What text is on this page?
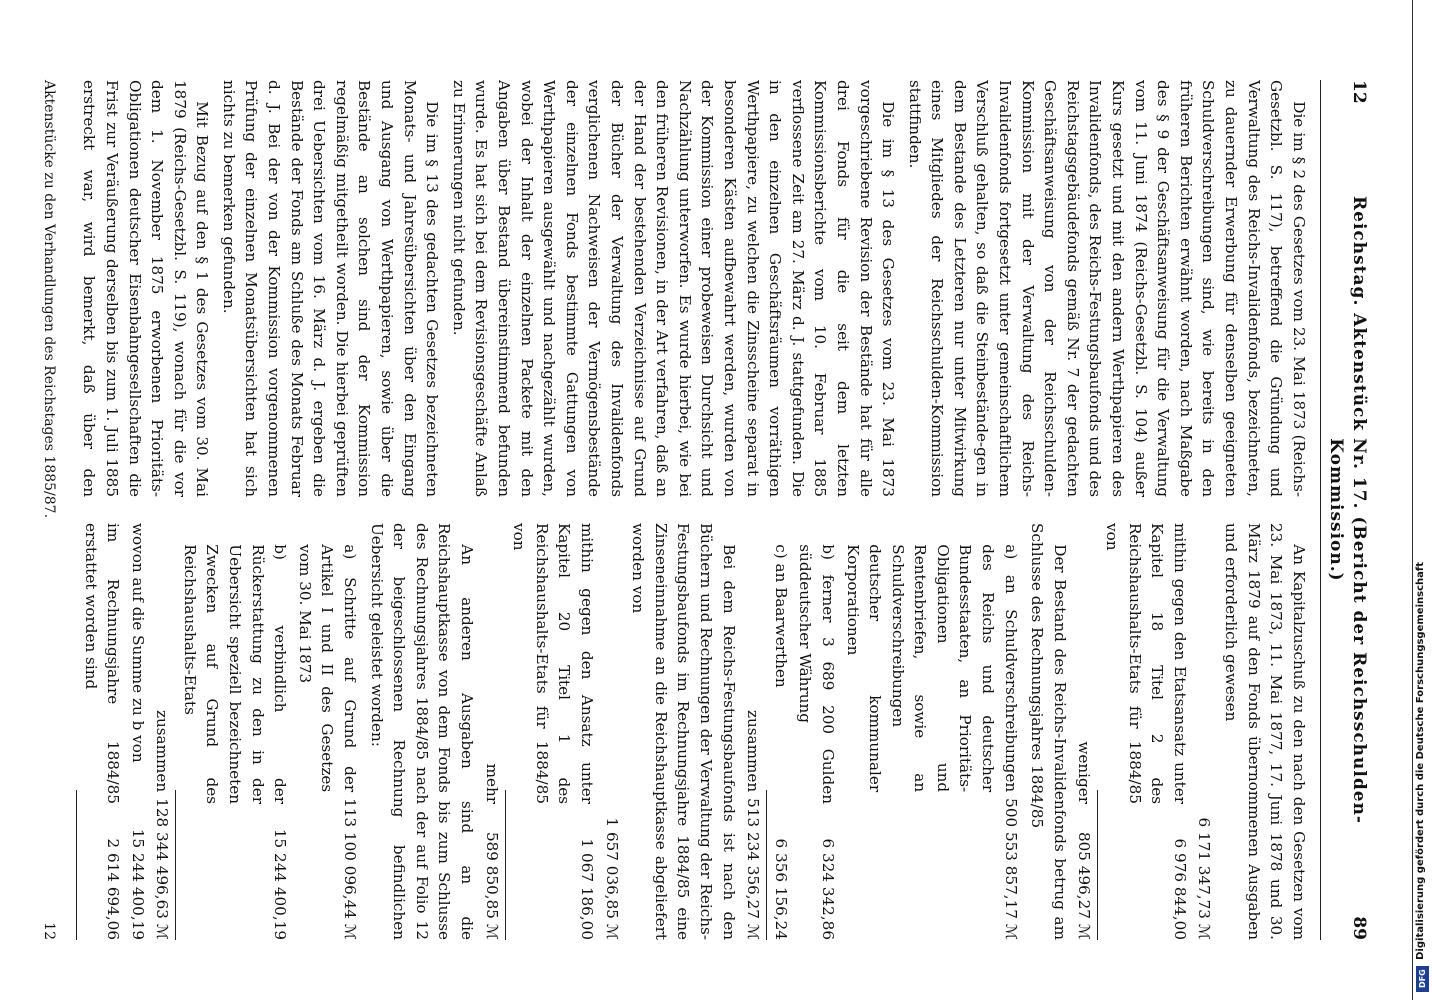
12
Reichstag. Aktenstück Nr. 17. (Bericht der Reichsschulden-Kommission.)
89

Die im § 2 des Gesetzes vom 23. Mai 1873 (Reichs-Gesetzbl. S. 117), betreffend die Gründung und Verwaltung des Reichs-Invalidenfonds, bezeichneten, zu dauernder Erwerbung für denselben geeigneten Schuldverschreibungen sind, wie bereits in den früheren Berichten erwähnt worden, nach Maßgabe des § 9 der Geschäftsanweisung für die Verwaltung vom 11. Juni 1874 (Reichs-Gesetzbl. S. 104) außer Kurs gesetzt und mit den andern Werthpapieren des Invalidenfonds, des Reichs-Festungsbaufonds und des Reichstagsgebäudefonds gemäß Nr. 7 der gedachten Geschäftsanweisung von der Reichsschulden-Kommission mit der Verwaltung des Reichs-Invalidenfonds fortgesetzt unter gemeinschaftlichem Verschluß gehalten, so daß die Steinbestände-gen in dem Bestande des Letzteren nur unter Mitwirkung eines Mitgliedes der Reichsschulden-Kommission stattfinden.

Die im § 13 des Gesetzes vom 23. Mai 1873 vorgeschriebene Revision der Bestände hat für alle drei Fonds für die seit dem letzten Kommissionsberichte vom 10. Februar 1885 verflossene Zeit am 27. März d. J. stattgefunden. Die in den einzelnen Geschäftsräumen vorräthigen Werthpapiere, zu welchen die Zinsscheine separat in besonderen Kästen aufbewahrt werden, wurden von der Kommission einer probeweisen Durchsicht und Nachzählung unterworfen. Es wurde hierbei, wie bei den früheren Revisionen, in der Art verfahren, daß an der Hand der bestehenden Verzeichnisse auf Grund der Bücher der Verwaltung des Invalidenfonds verglichenen Nachweisen der Vermögensbestände der einzelnen Fonds bestimmte Gattungen von Werthpapieren ausgewählt und nachgezählt wurden, wobei der Inhalt der einzelnen Packete mit den Angaben über Bestand übereinstimmend befunden wurde. Es hat sich bei dem Revisionsgeschäfte Anlaß zu Erinnerungen nicht gefunden.

Die im § 13 des gedachten Gesetzes bezeichneten Monats- und Jahresübersichten über den Eingang und Ausgang von Werthpapieren, sowie über die Bestände an solchen sind der Kommission regelmäßig mitgetheilt worden. Die hierbei geprüften drei Uebersichten vom 16. März d. J. ergeben die Bestände der Fonds am Schluße des Monats Februar d. J. Bei der von der Kommission vorgenommenen Prüfung der einzelnen Monatsübersichten hat sich nichts zu bemerken gefunden.

Mit Bezug auf den § 1 des Gesetzes vom 30. Mai 1879 (Reichs-Gesetzbl. S. 119), wonach für die vor dem 1. November 1875 erworbenen Prioritäts-Obligationen deutscher Eisenbahngesellschaften die Frist zur Veräußerung derselben bis zum 1. Juli 1885 erstreckt war, wird bemerkt, daß über den

An Kapitalzuschuß zu den nach den Gesetzen vom 23. Mai 1873, 11. Mai 1877, 17. Juni 1878 und 30. März 1879 auf den Fonds übernommenen Ausgaben und erforderlich gewesen

6 171 347,73 ℳ
mithin gegen den Etatsansatz unter Kapitel 18 Titel 2 des Reichshaushalts-Etats für 1884/85 von
6 976 844,00
weniger
805 496,27 ℳ

Der Bestand des Reichs-Invalidenfonds betrug am Schlusse des Rechnungsjahres 1884/85

a) an Schuldverschreibungen des Reichs und deutscher Bundesstaaten, an Prioritäts-Obligationen und Rentenbriefen, sowie an Schuldverschreibungen deutscher kommunaler Korporationen
500 553 857,17 ℳ
b) ferner 3 689 200 Gulden süddeutscher Währung
6 324 342,86
c) an Baarwerthen
6 356 156,24
zusammen
513 234 356,27 ℳ

Bei dem Reichs-Festungsbaufonds ist nach den Büchern und Rechnungen der Verwaltung der Reichs-Festungsbaufonds im Rechnungsjahre 1884/85 eine Zinseneinnahme an die Reichshauptkasse abgeliefert worden von

1 657 036,85 ℳ
mithin gegen den Ansatz unter Kapitel 20 Titel 1 des Reichshaushalts-Etats für 1884/85 von
1 067 186,00
mehr
589 850,85 ℳ

An anderen Ausgaben sind an die Reichshauptkasse von dem Fonds bis zum Schlusse des Rechnungsjahres 1884/85 nach der auf Folio 12 der beigeschlossenen Rechnung befindlichen Uebersicht geleistet worden:

a) Schritte auf Grund der Artikel I und II des Gesetzes vom 30. Mai 1873
113 100 096,44 ℳ
b) verbindlich der Rückerstattung zu den in der Uebersicht speziell bezeichneten Zwecken auf Grund des Reichshaushalts-Etats
15 244 400,19
zusammen
128 344 496,63 ℳ
wovon auf die Summe zu b von
15 244 400,19
im Rechnungsjahre 1884/85 erstattet worden sind
2 614 694,06

Aktenstücke zu den Verhandlungen des Reichstages 1885/87.
12	Digitalisierung gefördert durch die Deutsche Forschungsgemeinschaft
DFG
